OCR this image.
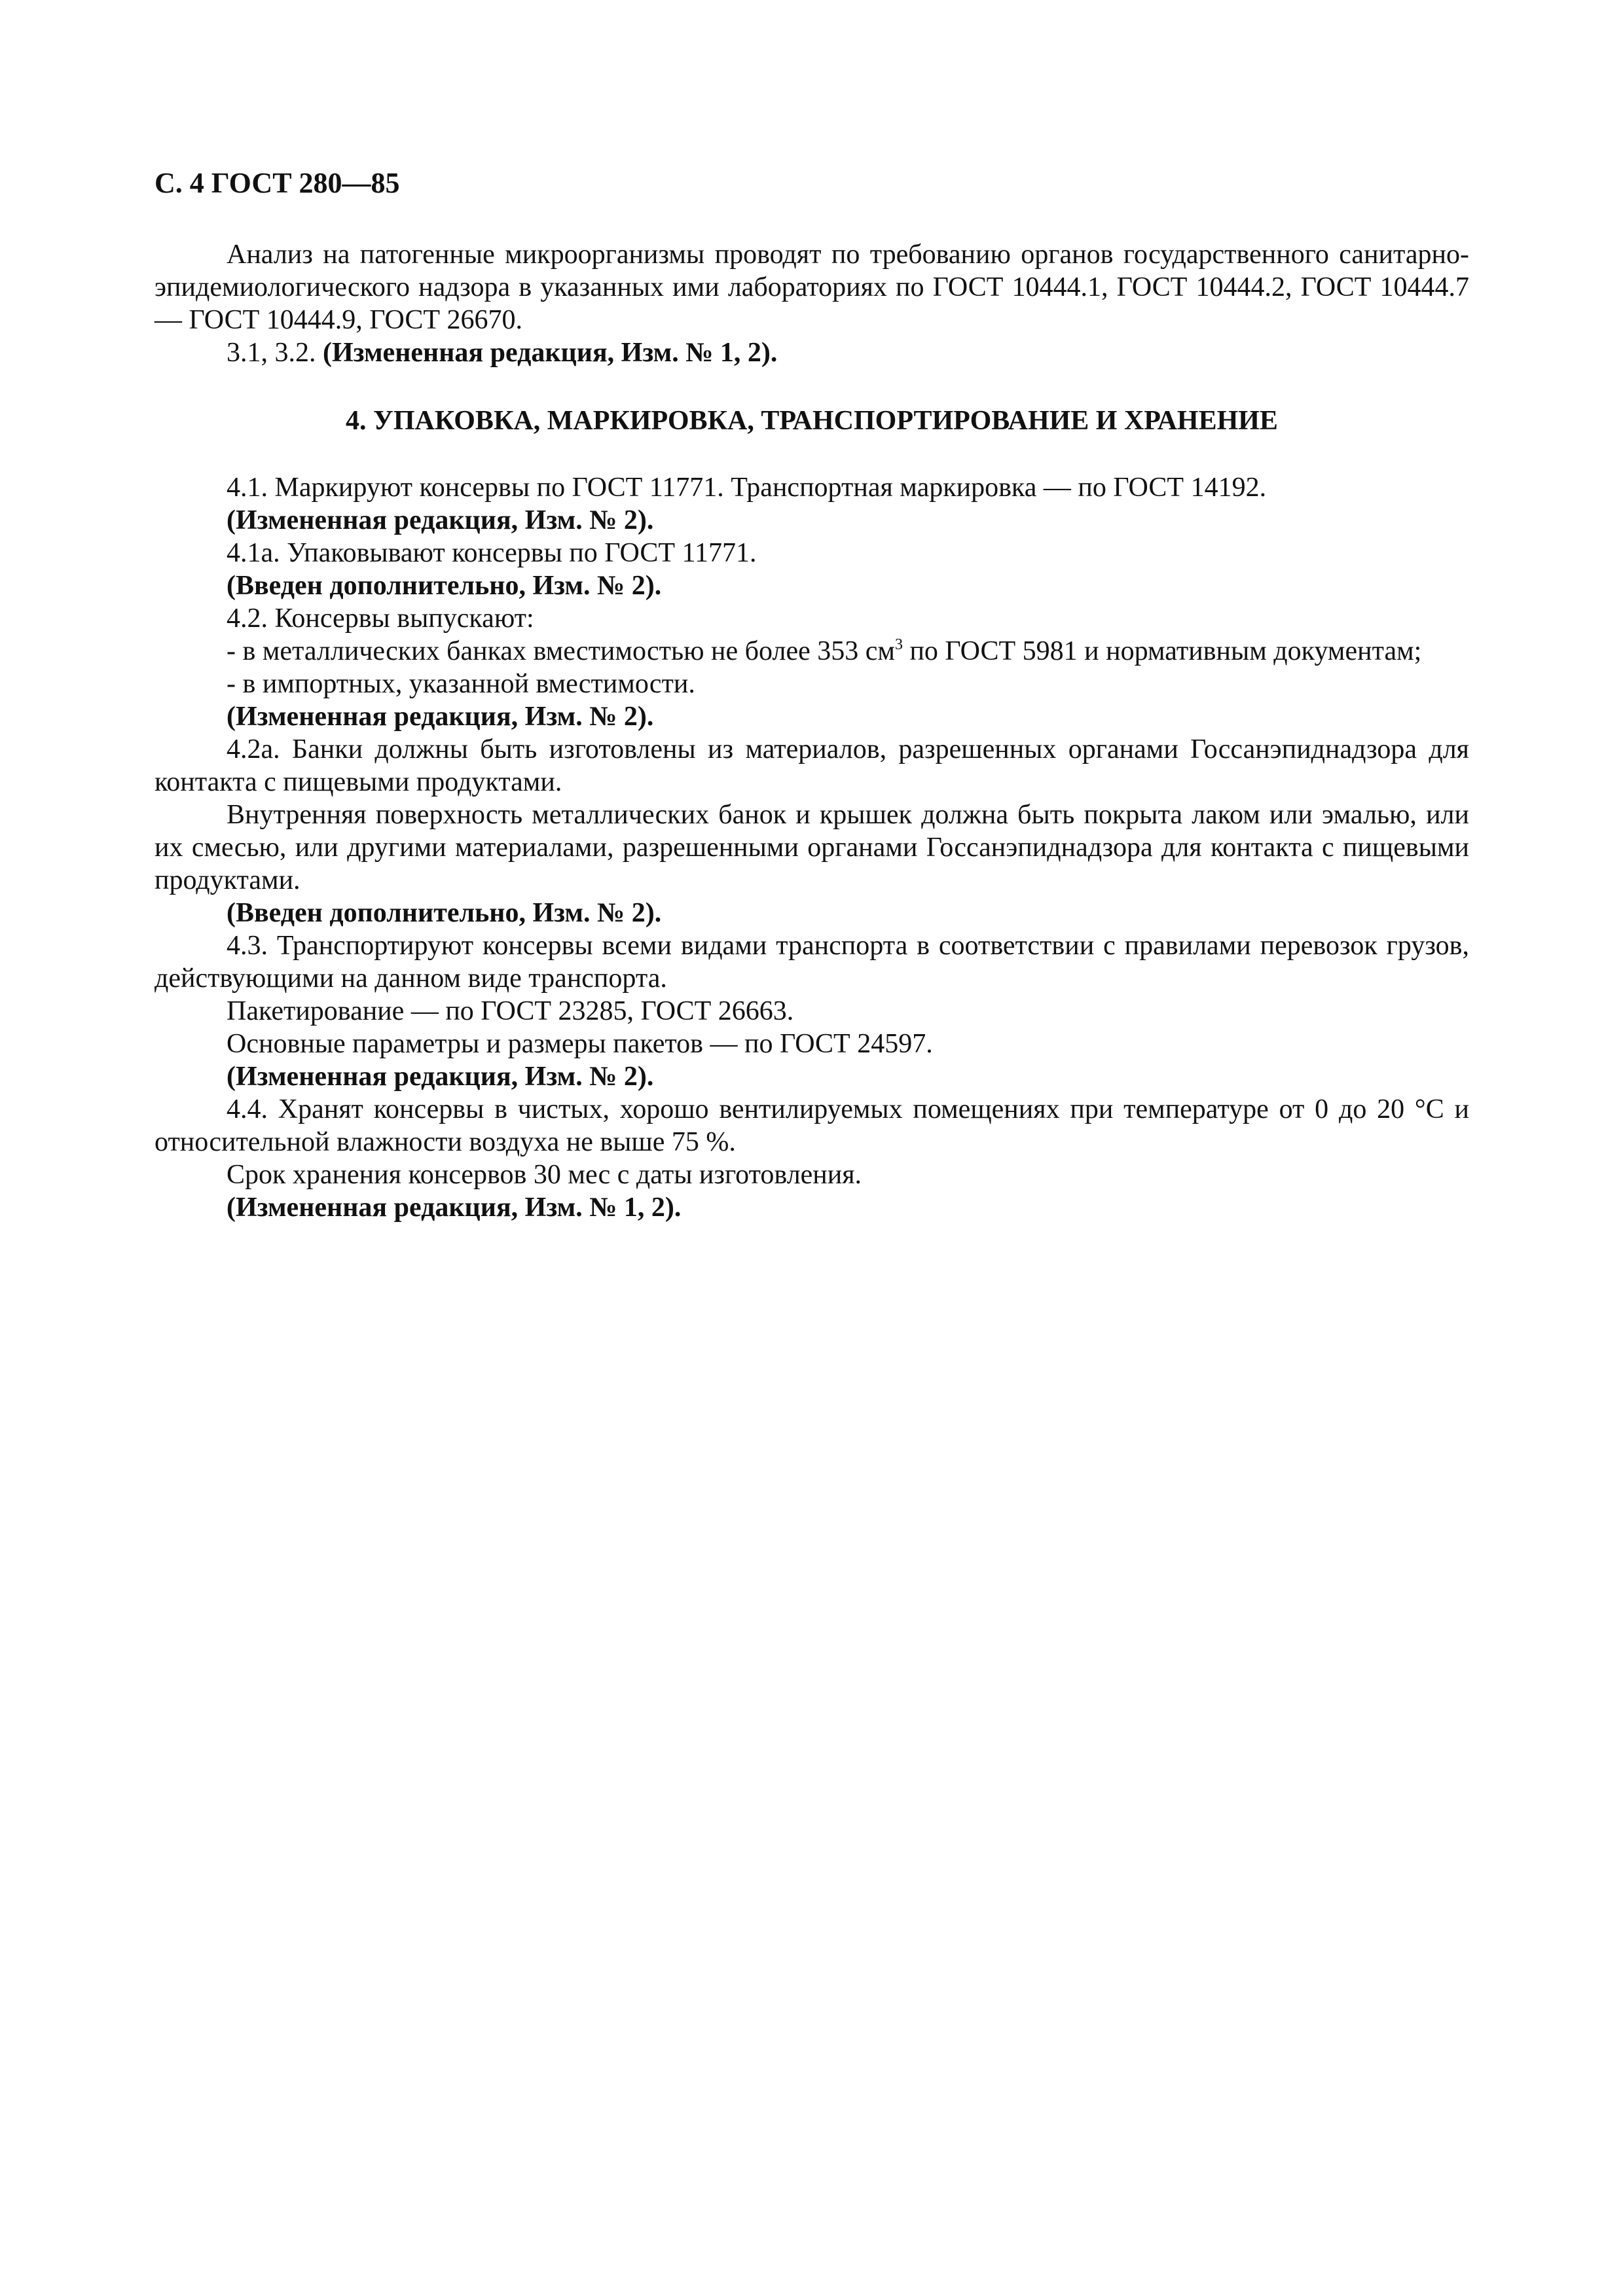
С. 4 ГОСТ 280—85

Анализ на патогенные микроорганизмы проводят по требованию органов государственного санитарно-эпидемиологического надзора в указанных ими лабораториях по ГОСТ 10444.1, ГОСТ 10444.2, ГОСТ 10444.7 — ГОСТ 10444.9, ГОСТ 26670.

3.1, 3.2. (Измененная редакция, Изм. № 1, 2).

4. УПАКОВКА, МАРКИРОВКА, ТРАНСПОРТИРОВАНИЕ И ХРАНЕНИЕ

4.1. Маркируют консервы по ГОСТ 11771. Транспортная маркировка — по ГОСТ 14192.

(Измененная редакция, Изм. № 2).

4.1а. Упаковывают консервы по ГОСТ 11771.

(Введен дополнительно, Изм. № 2).

4.2. Консервы выпускают:

- в металлических банках вместимостью не более 353 $см^3$ по ГОСТ 5981 и нормативным документам;

- в импортных, указанной вместимости.

(Измененная редакция, Изм. № 2).

4.2а. Банки должны быть изготовлены из материалов, разрешенных органами Госсанэпиднадзора для контакта с пищевыми продуктами.

Внутренняя поверхность металлических банок и крышек должна быть покрыта лаком или эмалью, или их смесью, или другими материалами, разрешенными органами Госсанэпиднадзора для контакта с пищевыми продуктами.

(Введен дополнительно, Изм. № 2).

4.3. Транспортируют консервы всеми видами транспорта в соответствии с правилами перевозок грузов, действующими на данном виде транспорта.

Пакетирование — по ГОСТ 23285, ГОСТ 26663.

Основные параметры и размеры пакетов — по ГОСТ 24597.

(Измененная редакция, Изм. № 2).

4.4. Хранят консервы в чистых, хорошо вентилируемых помещениях при температуре от 0 до 20 °С и относительной влажности воздуха не выше 75 %.

Срок хранения консервов 30 мес с даты изготовления.

(Измененная редакция, Изм. № 1, 2).
